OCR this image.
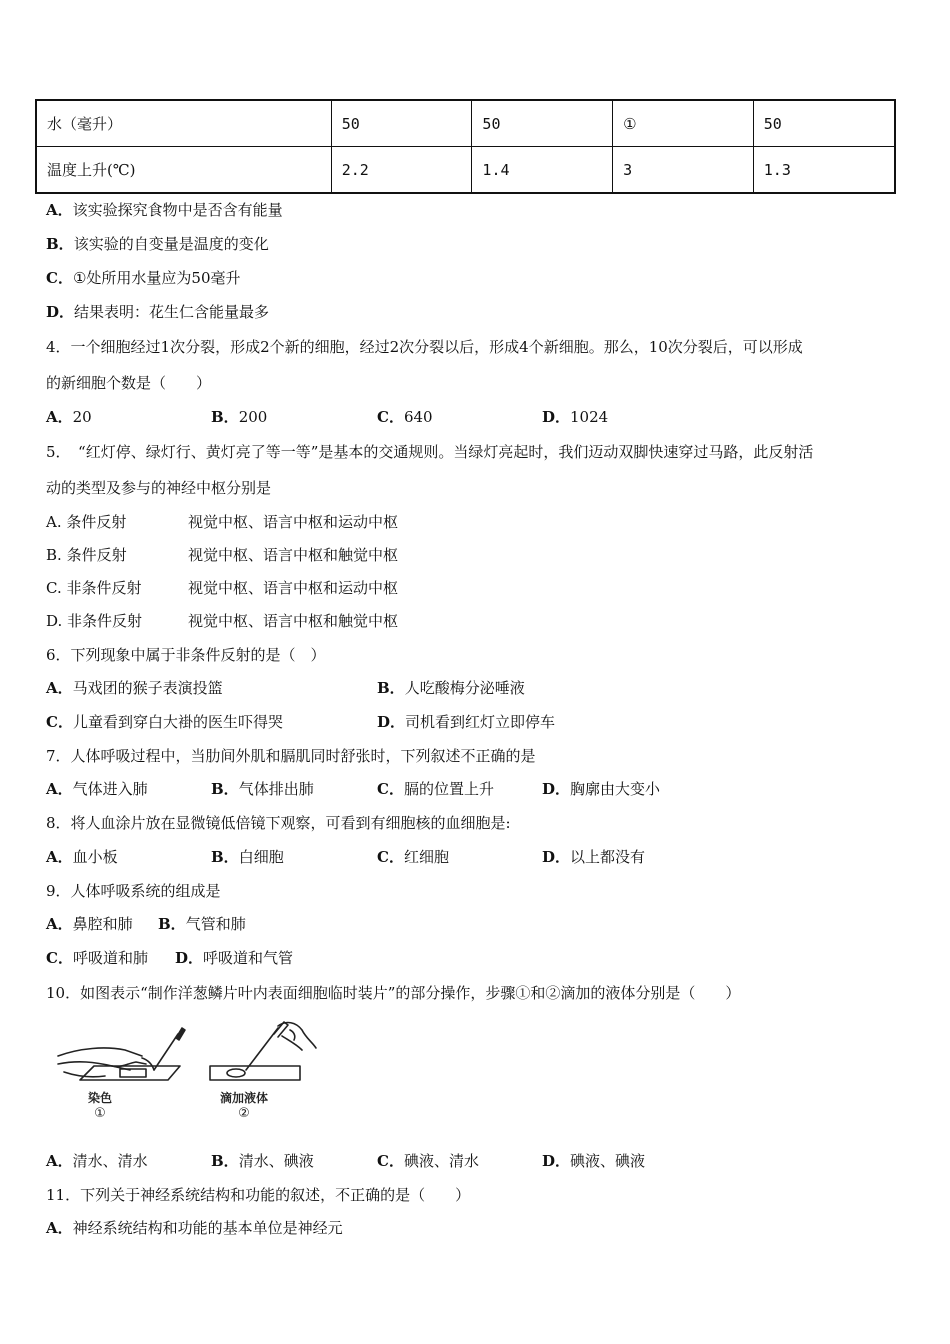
水（毫升）	50	50	①	50
温度上升(℃)	2.2	1.4	3	1.3
A．该实验探究食物中是否含有能量
B．该实验的自变量是温度的变化
C．①处所用水量应为50毫升
D．结果表明：花生仁含能量最多
4．一个细胞经过1次分裂，形成2个新的细胞，经过2次分裂以后，形成4个新细胞。那么，10次分裂后，可以形成
的新细胞个数是（　　）
A．20	B．200	C．640	D．1024
5．　“红灯停、绿灯行、黄灯亮了等一等”是基本的交通规则。当绿灯亮起时，我们迈动双脚快速穿过马路，此反射活
动的类型及参与的神经中枢分别是
A. 条件反射	视觉中枢、语言中枢和运动中枢
B. 条件反射	视觉中枢、语言中枢和触觉中枢
C. 非条件反射	视觉中枢、语言中枢和运动中枢
D. 非条件反射	视觉中枢、语言中枢和触觉中枢
6．下列现象中属于非条件反射的是（　）
A．马戏团的猴子表演投篮	B．人吃酸梅分泌唾液
C．儿童看到穿白大褂的医生吓得哭	D．司机看到红灯立即停车
7．人体呼吸过程中，当肋间外肌和膈肌同时舒张时，下列叙述不正确的是
A．气体进入肺	B．气体排出肺	C．膈的位置上升	D．胸廓由大变小
8．将人血涂片放在显微镜低倍镜下观察，可看到有细胞核的血细胞是:
A．血小板	B．白细胞	C．红细胞	D．以上都没有
9．人体呼吸系统的组成是
A．鼻腔和肺 B．气管和肺
C．呼吸道和肺 D．呼吸道和气管
10．如图表示“制作洋葱鳞片叶内表面细胞临时装片”的部分操作，步骤①和②滴加的液体分别是（　　）
染色
①
滴加液体
②
A．清水、清水	B．清水、碘液	C．碘液、清水	D．碘液、碘液
11．下列关于神经系统结构和功能的叙述，不正确的是（　　）
A．神经系统结构和功能的基本单位是神经元
